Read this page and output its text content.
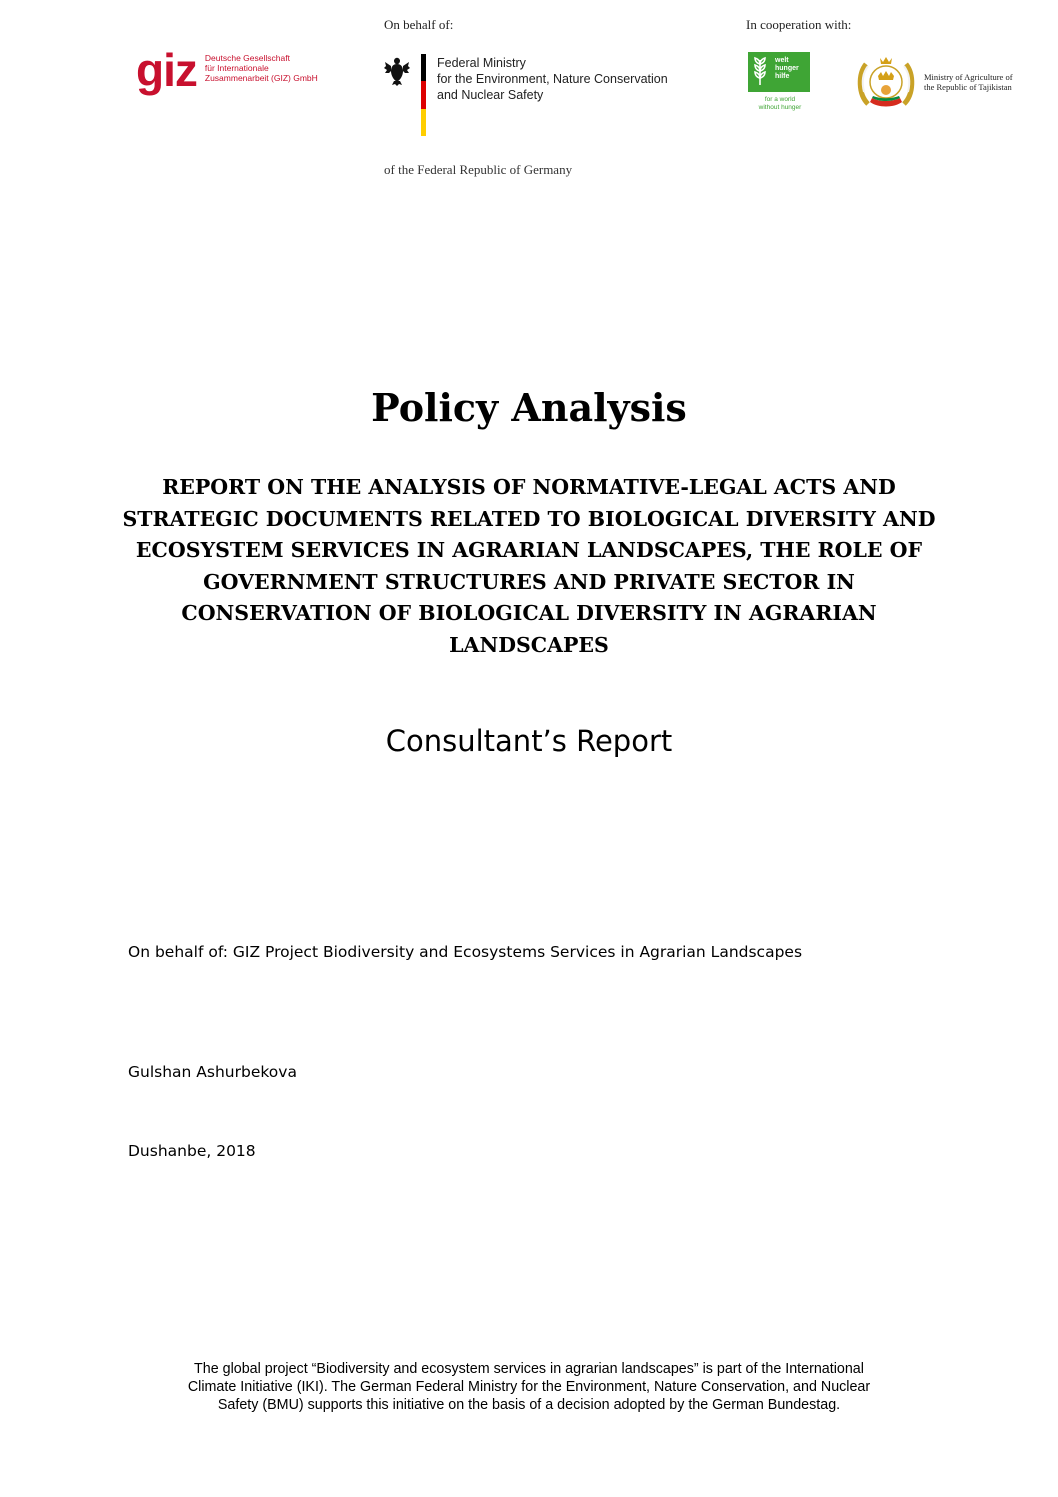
giz Deutsche Gesellschaft
für Internationale
Zusammenarbeit (GIZ) GmbH
On behalf of:
Federal Ministry
for the Environment, Nature Conservation
and Nuclear Safety
of the Federal Republic of Germany
In cooperation with:
welt
hunger
hilfe
for a world
without hunger
Ministry of Agriculture of
the Republic of Tajikistan
Policy Analysis
REPORT ON THE ANALYSIS OF NORMATIVE-LEGAL ACTS AND
STRATEGIC DOCUMENTS RELATED TO BIOLOGICAL DIVERSITY AND
ECOSYSTEM SERVICES IN AGRARIAN LANDSCAPES, THE ROLE OF
GOVERNMENT STRUCTURES AND PRIVATE SECTOR IN
CONSERVATION OF BIOLOGICAL DIVERSITY IN AGRARIAN
LANDSCAPES
Consultant’s Report
On behalf of: GIZ Project Biodiversity and Ecosystems Services in Agrarian Landscapes
Gulshan Ashurbekova
Dushanbe, 2018
The global project “Biodiversity and ecosystem services in agrarian landscapes” is part of the International
Climate Initiative (IKI). The German Federal Ministry for the Environment, Nature Conservation, and Nuclear
Safety (BMU) supports this initiative on the basis of a decision adopted by the German Bundestag.
